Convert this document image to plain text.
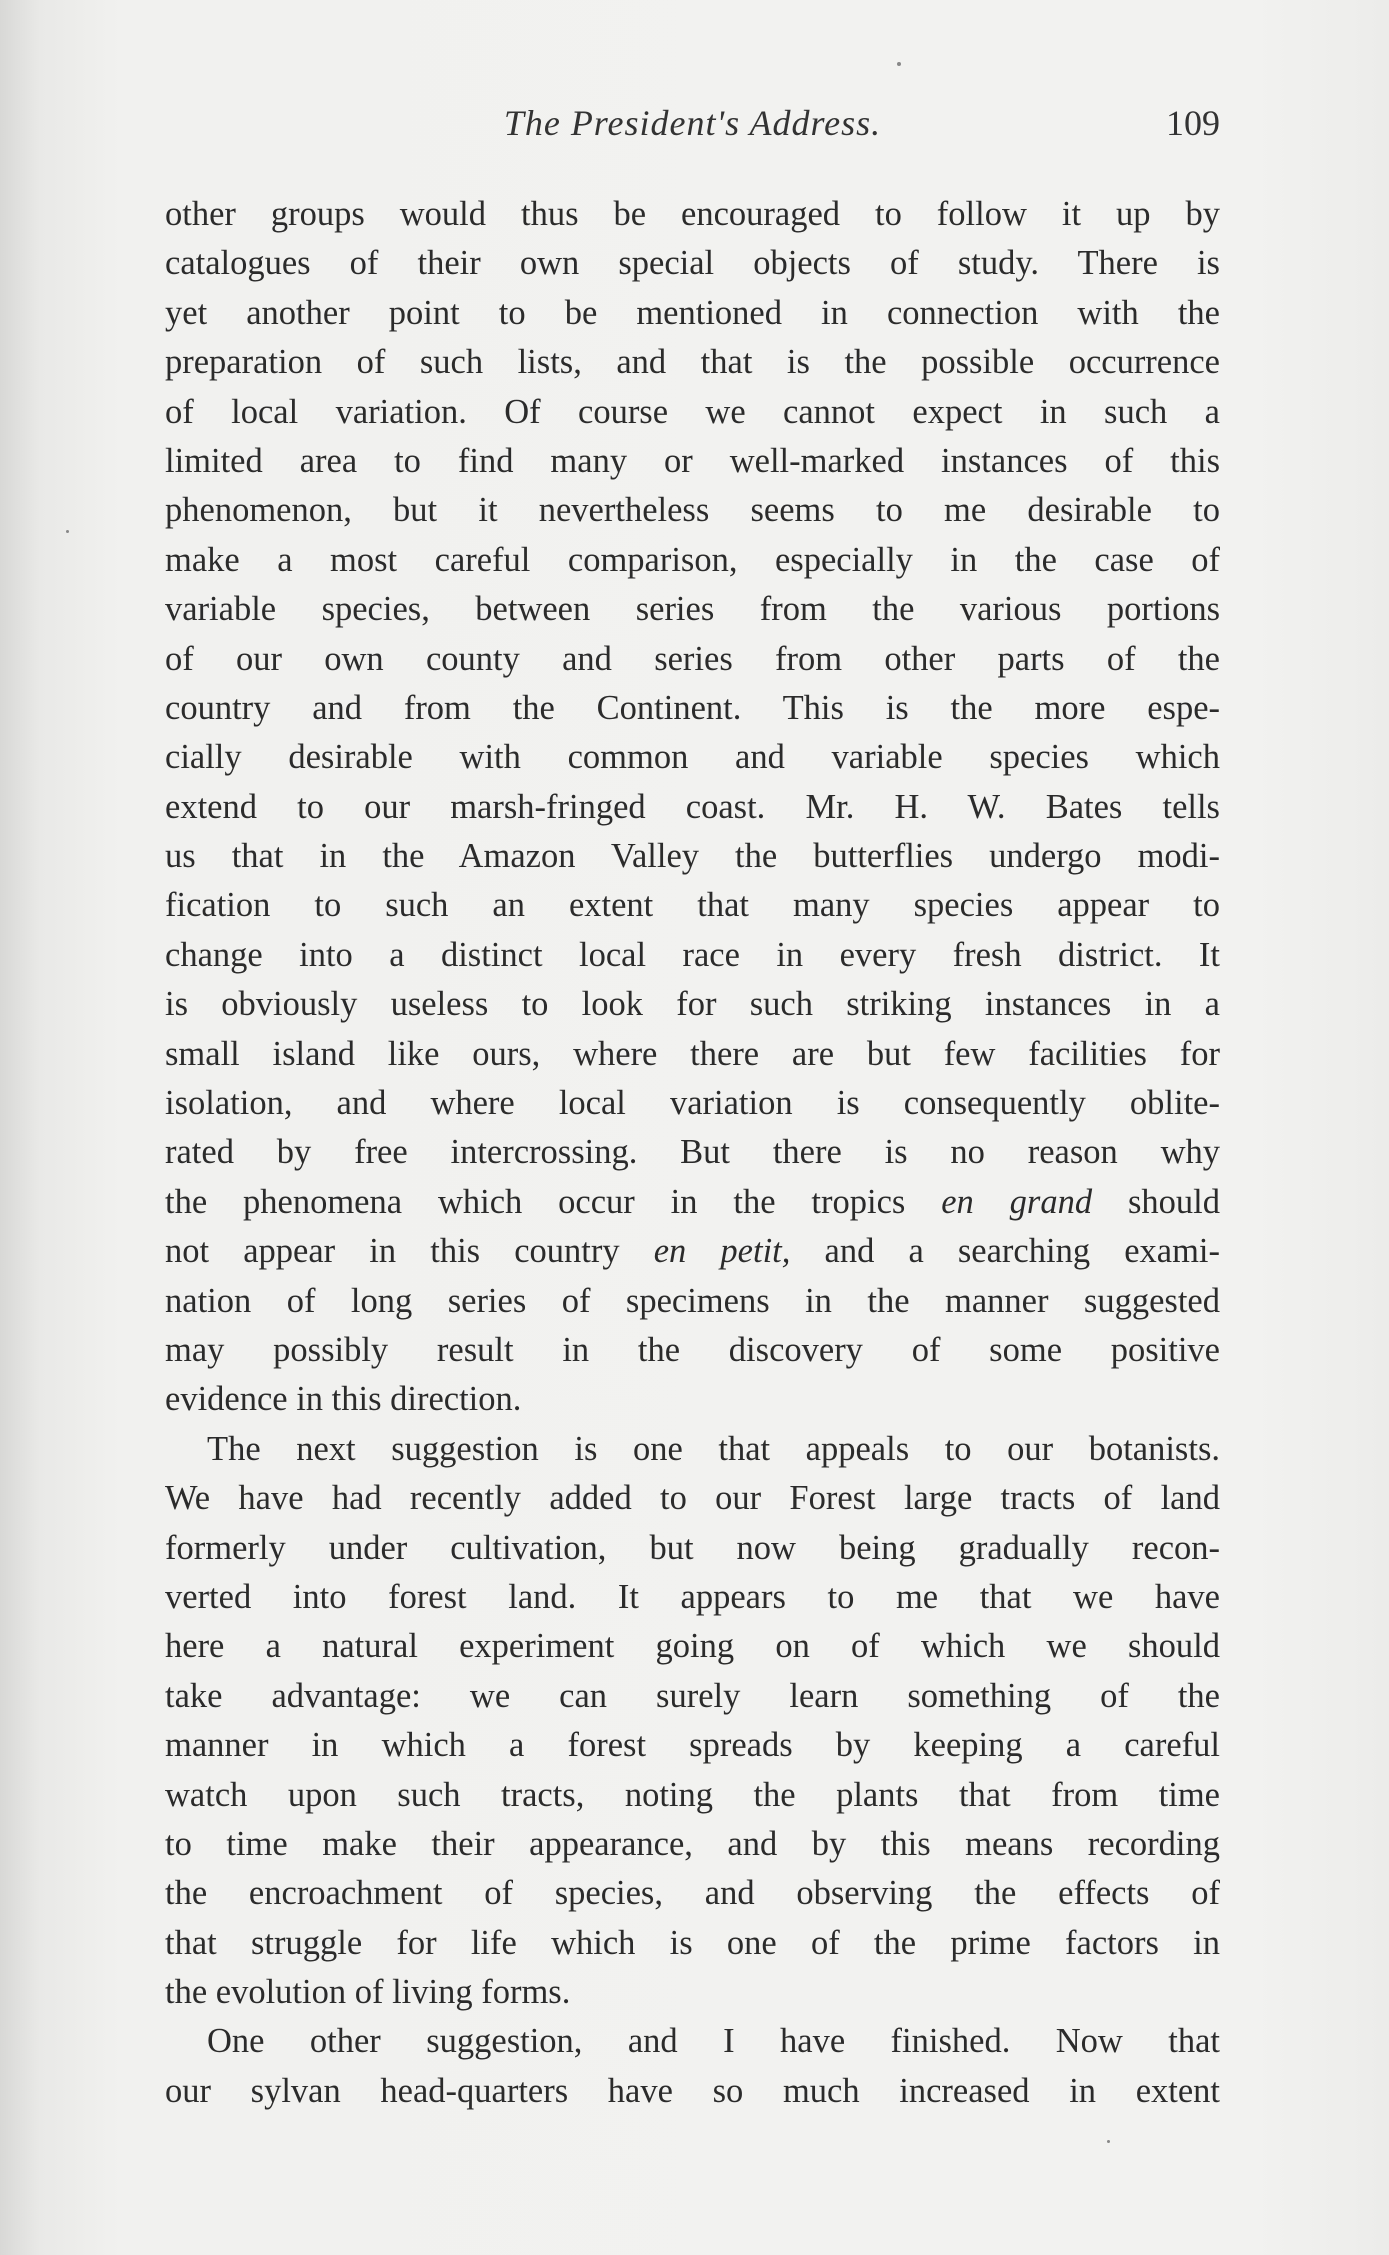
The President's Address.	109
other groups would thus be encouraged to follow it up by
catalogues of their own special objects of study. There is
yet another point to be mentioned in connection with the
preparation of such lists, and that is the possible occurrence
of local variation. Of course we cannot expect in such a
limited area to find many or well-marked instances of this
phenomenon, but it nevertheless seems to me desirable to
make a most careful comparison, especially in the case of
variable species, between series from the various portions
of our own county and series from other parts of the
country and from the Continent. This is the more espe-
cially desirable with common and variable species which
extend to our marsh-fringed coast. Mr. H. W. Bates tells
us that in the Amazon Valley the butterflies undergo modi-
fication to such an extent that many species appear to
change into a distinct local race in every fresh district. It
is obviously useless to look for such striking instances in a
small island like ours, where there are but few facilities for
isolation, and where local variation is consequently oblite-
rated by free intercrossing. But there is no reason why
the phenomena which occur in the tropics en grand should
not appear in this country en petit, and a searching exami-
nation of long series of specimens in the manner suggested
may possibly result in the discovery of some positive
evidence in this direction.
The next suggestion is one that appeals to our botanists.
We have had recently added to our Forest large tracts of land
formerly under cultivation, but now being gradually recon-
verted into forest land. It appears to me that we have
here a natural experiment going on of which we should
take advantage: we can surely learn something of the
manner in which a forest spreads by keeping a careful
watch upon such tracts, noting the plants that from time
to time make their appearance, and by this means recording
the encroachment of species, and observing the effects of
that struggle for life which is one of the prime factors in
the evolution of living forms.
One other suggestion, and I have finished. Now that
our sylvan head-quarters have so much increased in extent
